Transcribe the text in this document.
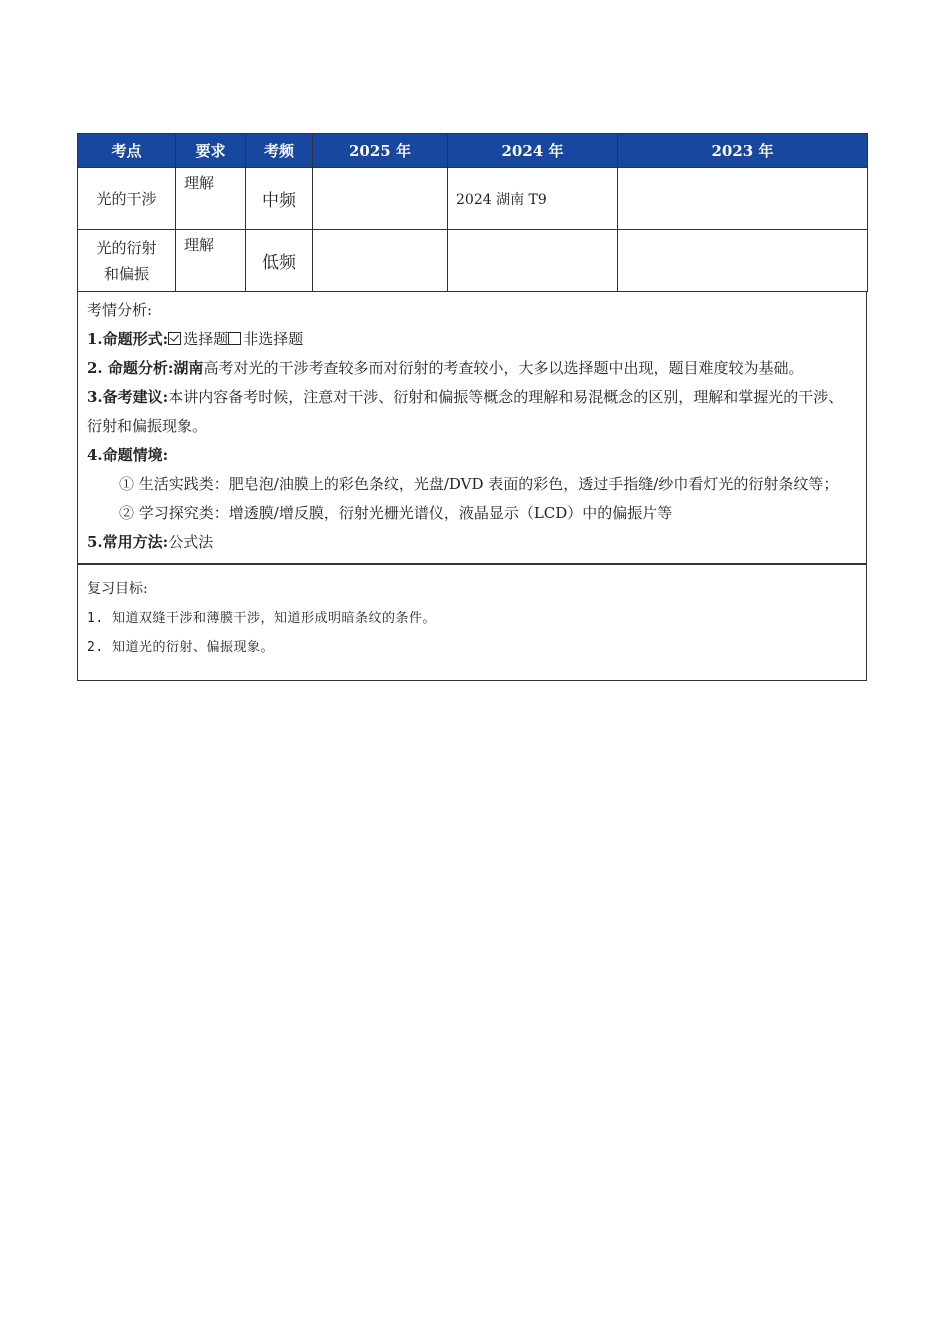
考点	要求	考频	2025 年	2024 年	2023 年
光的干涉	理解	中频		2024 湖南 T9	

光的衍射
和偏振	理解	低频			

考情分析:

1.命题形式: 选择题 非选择题

2. 命题分析:湖南高考对光的干涉考查较多而对衍射的考查较小，大多以选择题中出现，题目难度较为基础。

3.备考建议:本讲内容备考时候，注意对干涉、衍射和偏振等概念的理解和易混概念的区别，理解和掌握光的干涉、衍射和偏振现象。

4.命题情境:

① 生活实践类：肥皂泡/油膜上的彩色条纹，光盘/DVD 表面的彩色，透过手指缝/纱巾看灯光的衍射条纹等；

② 学习探究类：增透膜/增反膜，衍射光栅光谱仪，液晶显示（LCD）中的偏振片等

5.常用方法:公式法

复习目标:

1. 知道双缝干涉和薄膜干涉，知道形成明暗条纹的条件。

2. 知道光的衍射、偏振现象。
